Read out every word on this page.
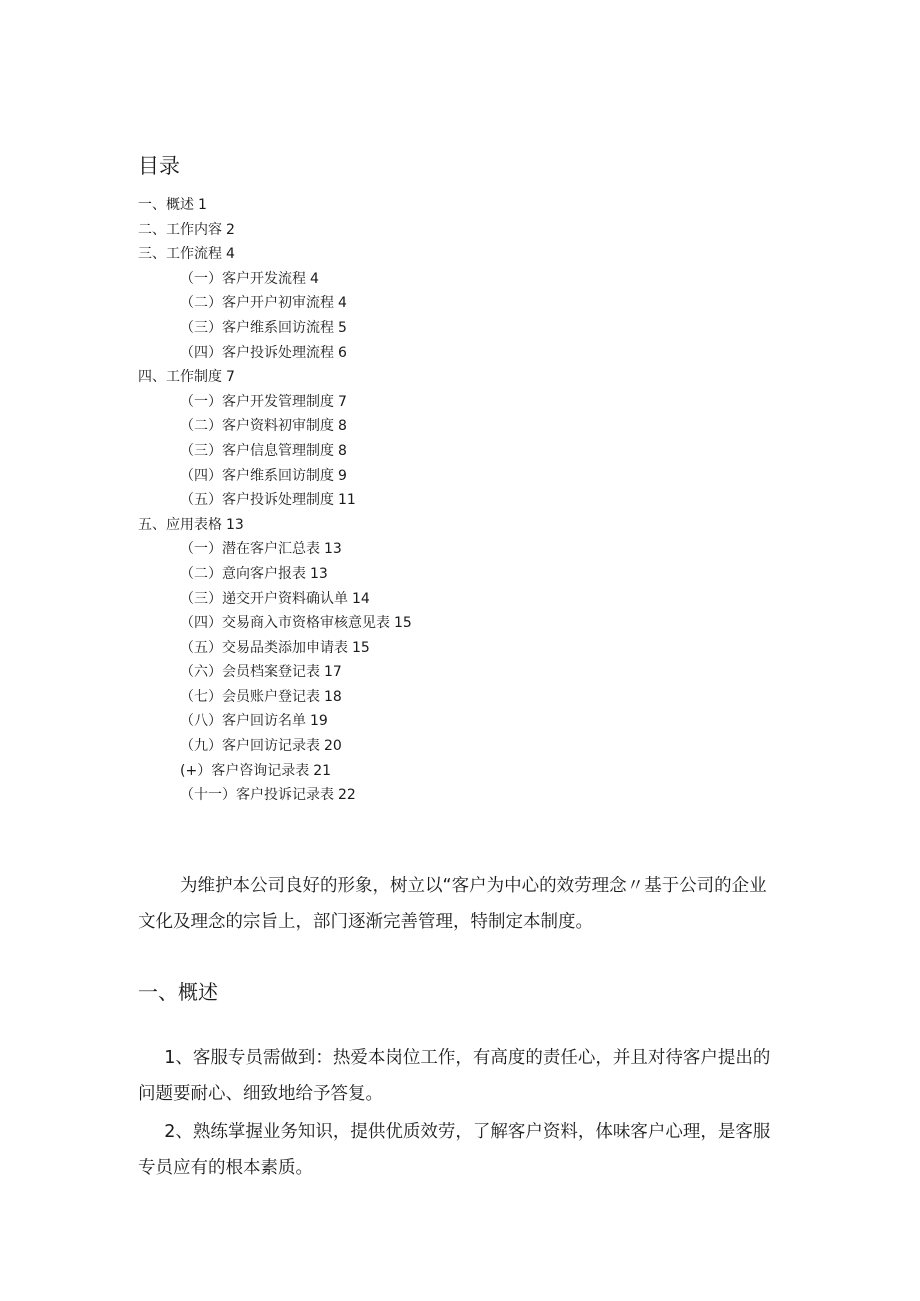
目录
一、概述 1
二、工作内容 2
三、工作流程 4
（一）客户开发流程 4
（二）客户开户初审流程 4
（三）客户维系回访流程 5
（四）客户投诉处理流程 6
四、工作制度 7
（一）客户开发管理制度 7
（二）客户资料初审制度 8
（三）客户信息管理制度 8
（四）客户维系回访制度 9
（五）客户投诉处理制度 11
五、应用表格 13
（一）潜在客户汇总表 13
（二）意向客户报表 13
（三）递交开户资料确认单 14
（四）交易商入市资格审核意见表 15
（五）交易品类添加申请表 15
（六）会员档案登记表 17
（七）会员账户登记表 18
（八）客户回访名单 19
（九）客户回访记录表 20
(+）客户咨询记录表 21
（十一）客户投诉记录表 22

为维护本公司良好的形象，树立以“客户为中心的效劳理念〃基于公司的企业文化及理念的宗旨上，部门逐渐完善管理，特制定本制度。

一、概述

1、客服专员需做到：热爱本岗位工作，有高度的责任心，并且对待客户提出的问题要耐心、细致地给予答复。

2、熟练掌握业务知识，提供优质效劳，了解客户资料，体味客户心理，是客服专员应有的根本素质。
